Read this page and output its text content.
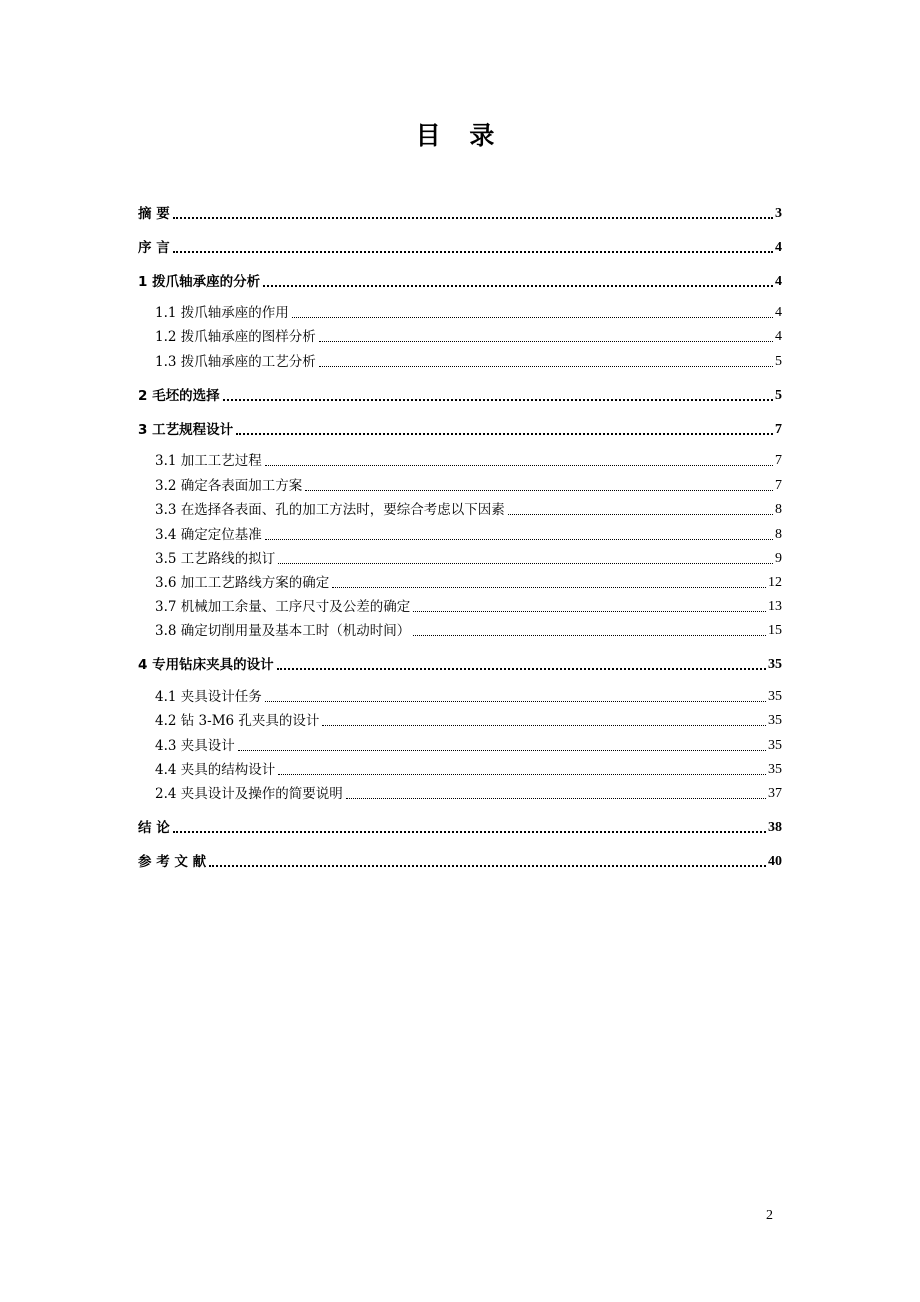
目 录
摘 要	3
序 言	4
1 拨爪轴承座的分析	4
1.1 拨爪轴承座的作用	4
1.2 拨爪轴承座的图样分析	4
1.3 拨爪轴承座的工艺分析	5
2 毛坯的选择	5
3 工艺规程设计	7
3.1 加工工艺过程	7
3.2 确定各表面加工方案	7
3.3 在选择各表面、孔的加工方法时，要综合考虑以下因素	8
3.4 确定定位基准	8
3.5 工艺路线的拟订	9
3.6 加工工艺路线方案的确定	12
3.7 机械加工余量、工序尺寸及公差的确定	13
3.8 确定切削用量及基本工时（机动时间）	15
4 专用钻床夹具的设计	35
4.1 夹具设计任务	35
4.2 钻 3-M6 孔夹具的设计	35
4.3 夹具设计	35
4.4 夹具的结构设计	35
2.4 夹具设计及操作的简要说明	37
结 论	38
参 考 文 献	40
2
